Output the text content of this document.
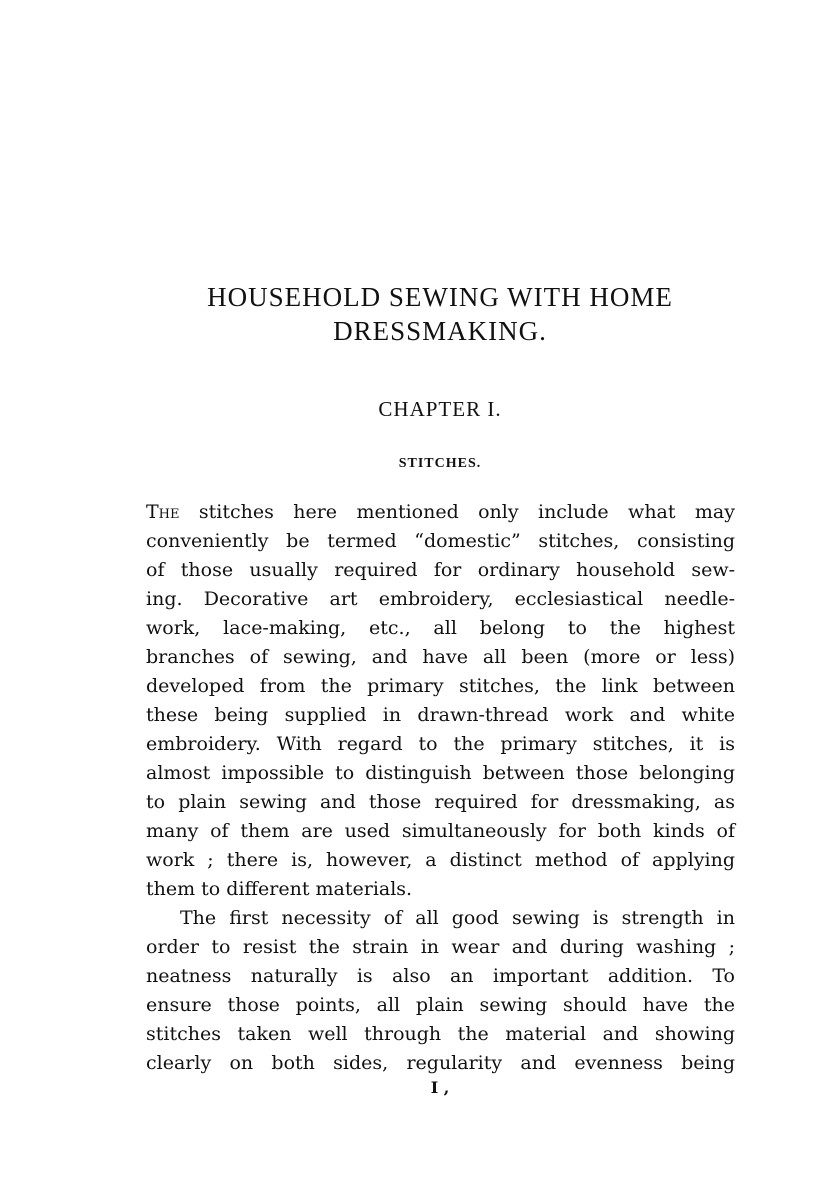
HOUSEHOLD SEWING WITH HOME
DRESSMAKING.
CHAPTER I.
STITCHES.
The stitches here mentioned only include what may
conveniently be termed “domestic” stitches, consisting
of those usually required for ordinary household sew-
ing. Decorative art embroidery, ecclesiastical needle-
work, lace-making, etc., all belong to the highest
branches of sewing, and have all been (more or less)
developed from the primary stitches, the link between
these being supplied in drawn-thread work and white
embroidery. With regard to the primary stitches, it is
almost impossible to distinguish between those belonging
to plain sewing and those required for dressmaking, as
many of them are used simultaneously for both kinds of
work ; there is, however, a distinct method of applying
them to different materials.
The first necessity of all good sewing is strength in
order to resist the strain in wear and during washing ;
neatness naturally is also an important addition. To
ensure those points, all plain sewing should have the
stitches taken well through the material and showing
clearly on both sides, regularity and evenness being
I ,
